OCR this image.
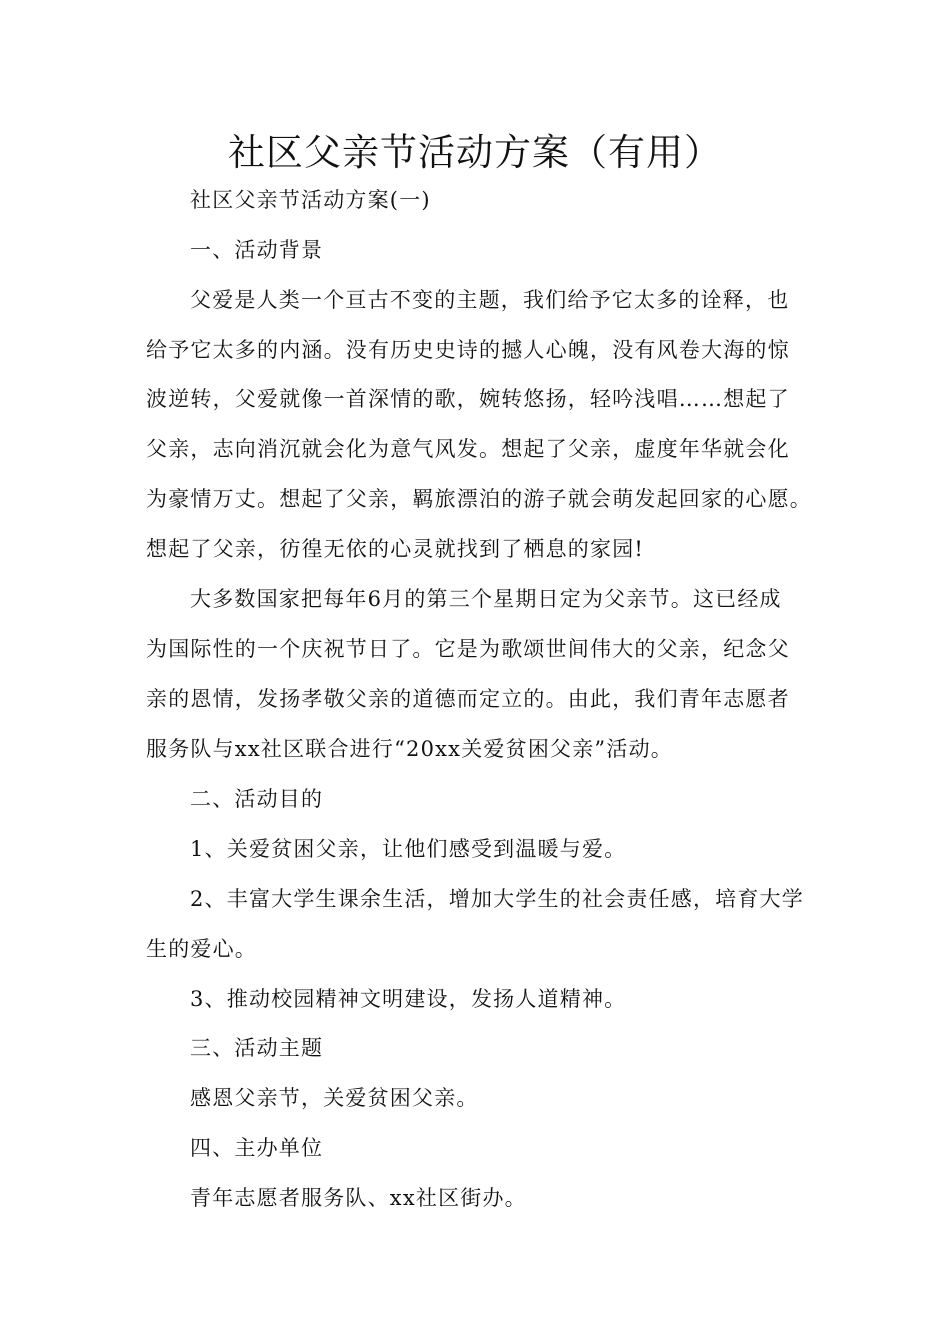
社区父亲节活动方案（有用）
社区父亲节活动方案(一)
一、活动背景
父爱是人类一个亘古不变的主题，我们给予它太多的诠释，也
给予它太多的内涵。没有历史史诗的撼人心魄，没有风卷大海的惊
波逆转，父爱就像一首深情的歌，婉转悠扬，轻吟浅唱……想起了
父亲，志向消沉就会化为意气风发。想起了父亲，虚度年华就会化
为豪情万丈。想起了父亲，羁旅漂泊的游子就会萌发起回家的心愿。
想起了父亲，彷徨无依的心灵就找到了栖息的家园!
大多数国家把每年6月的第三个星期日定为父亲节。这已经成
为国际性的一个庆祝节日了。它是为歌颂世间伟大的父亲，纪念父
亲的恩情，发扬孝敬父亲的道德而定立的。由此，我们青年志愿者
服务队与xx社区联合进行“20xx关爱贫困父亲”活动。
二、活动目的
1、关爱贫困父亲，让他们感受到温暖与爱。
2、丰富大学生课余生活，增加大学生的社会责任感，培育大学
生的爱心。
3、推动校园精神文明建设，发扬人道精神。
三、活动主题
感恩父亲节，关爱贫困父亲。
四、主办单位
青年志愿者服务队、xx社区街办。
